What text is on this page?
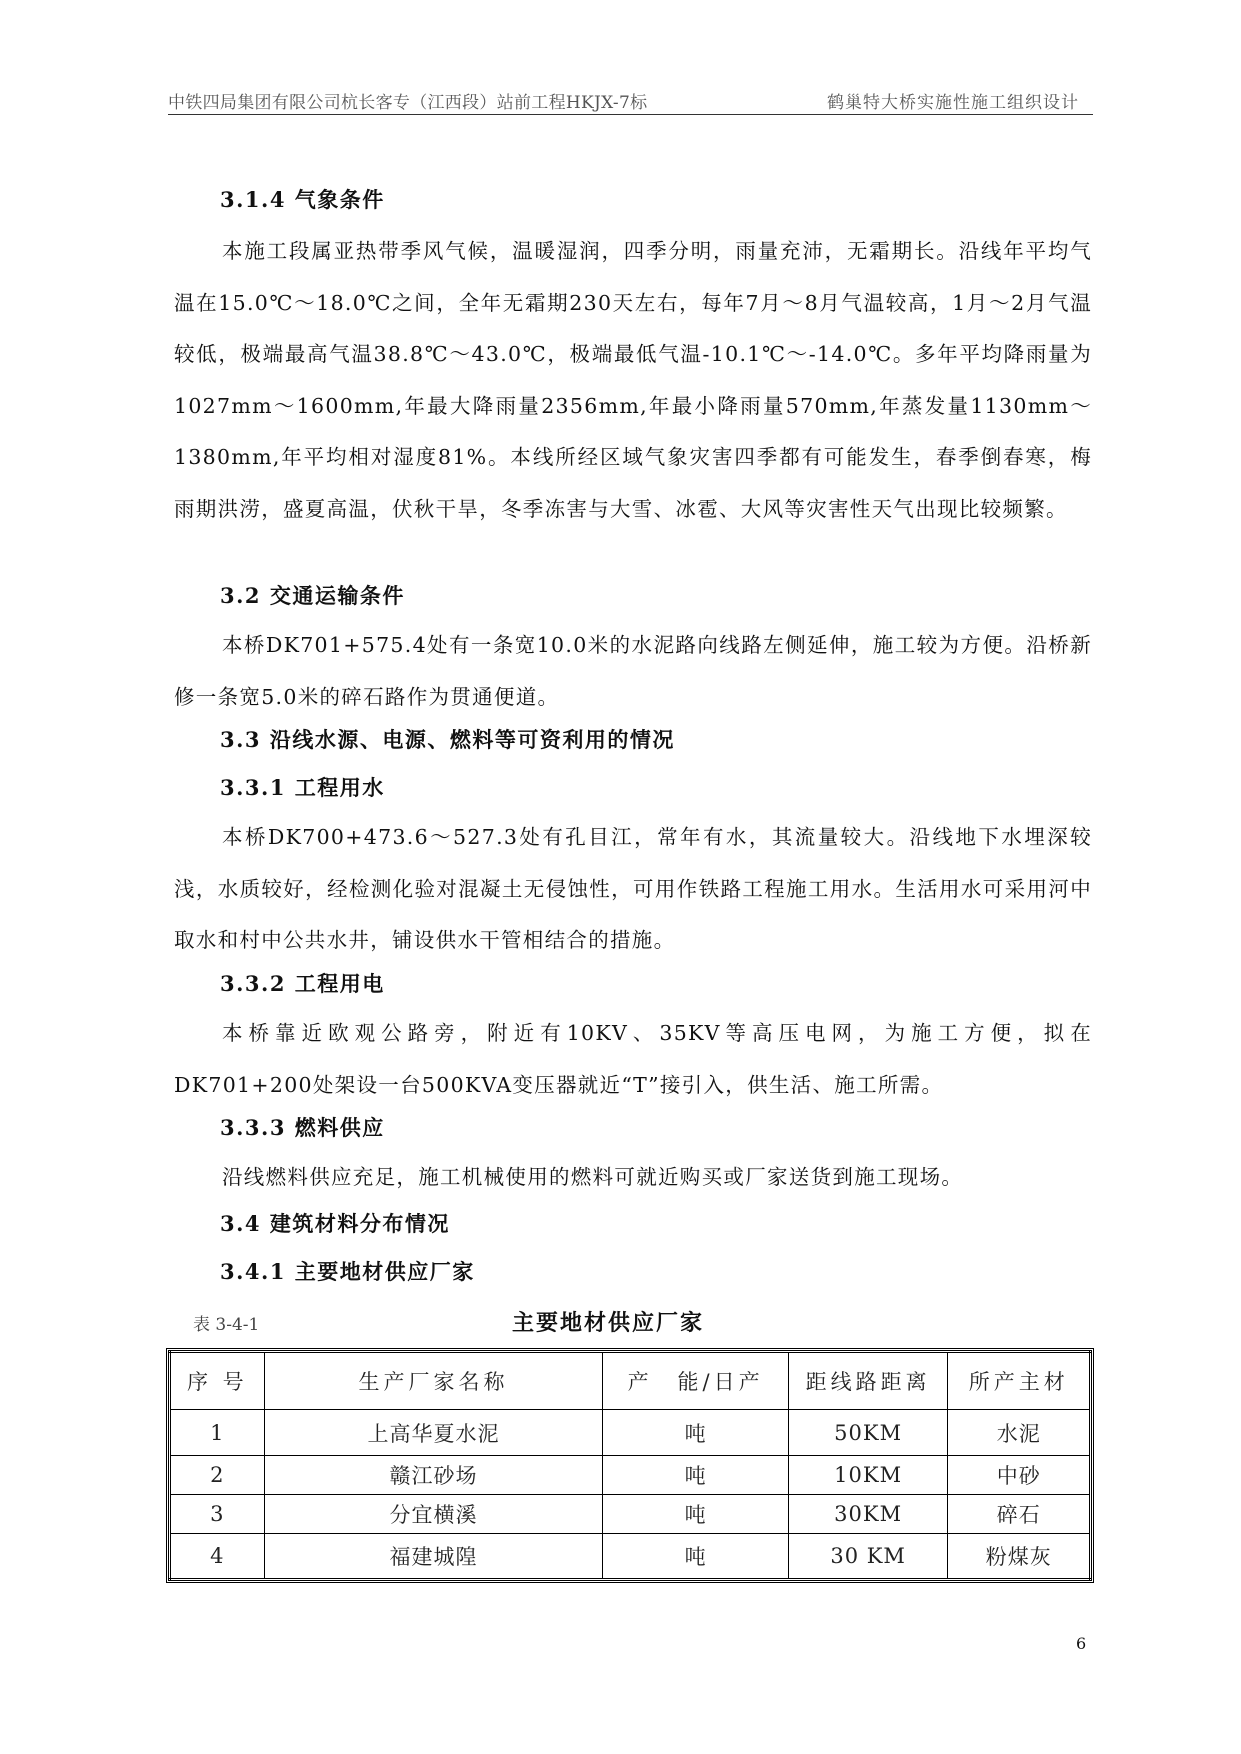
中铁四局集团有限公司杭长客专（江西段）站前工程HKJX-7标	鹤巢特大桥实施性施工组织设计
3.1.4 气象条件

本施工段属亚热带季风气候，温暖湿润，四季分明，雨量充沛，无霜期长。沿线年平均气温在15.0℃～18.0℃之间，全年无霜期230天左右，每年7月～8月气温较高，1月～2月气温较低，极端最高气温38.8℃～43.0℃，极端最低气温-10.1℃～-14.0℃。多年平均降雨量为1027mm～1600mm,年最大降雨量2356mm,年最小降雨量570mm,年蒸发量1130mm～1380mm,年平均相对湿度81%。本线所经区域气象灾害四季都有可能发生，春季倒春寒，梅雨期洪涝，盛夏高温，伏秋干旱，冬季冻害与大雪、冰雹、大风等灾害性天气出现比较频繁。

3.2 交通运输条件

本桥DK701+575.4处有一条宽10.0米的水泥路向线路左侧延伸，施工较为方便。沿桥新修一条宽5.0米的碎石路作为贯通便道。

3.3 沿线水源、电源、燃料等可资利用的情况
3.3.1 工程用水

本桥DK700+473.6～527.3处有孔目江，常年有水，其流量较大。沿线地下水埋深较浅，水质较好，经检测化验对混凝土无侵蚀性，可用作铁路工程施工用水。生活用水可采用河中取水和村中公共水井，铺设供水干管相结合的措施。

3.3.2 工程用电

本桥靠近欧观公路旁，附近有10KV、35KV等高压电网，为施工方便，拟在DK701+200处架设一台500KVA变压器就近“T”接引入，供生活、施工所需。

3.3.3 燃料供应

沿线燃料供应充足，施工机械使用的燃料可就近购买或厂家送货到施工现场。

3.4 建筑材料分布情况
3.4.1 主要地材供应厂家
表 3-4-1	主要地材供应厂家
序 号	生产厂家名称	产　能/日产	距线路距离	所产主材
1	上高华夏水泥	吨	50KM	水泥
2	赣江砂场	吨	10KM	中砂
3	分宜横溪	吨	30KM	碎石
4	福建城隍	吨	30 KM	粉煤灰
6
